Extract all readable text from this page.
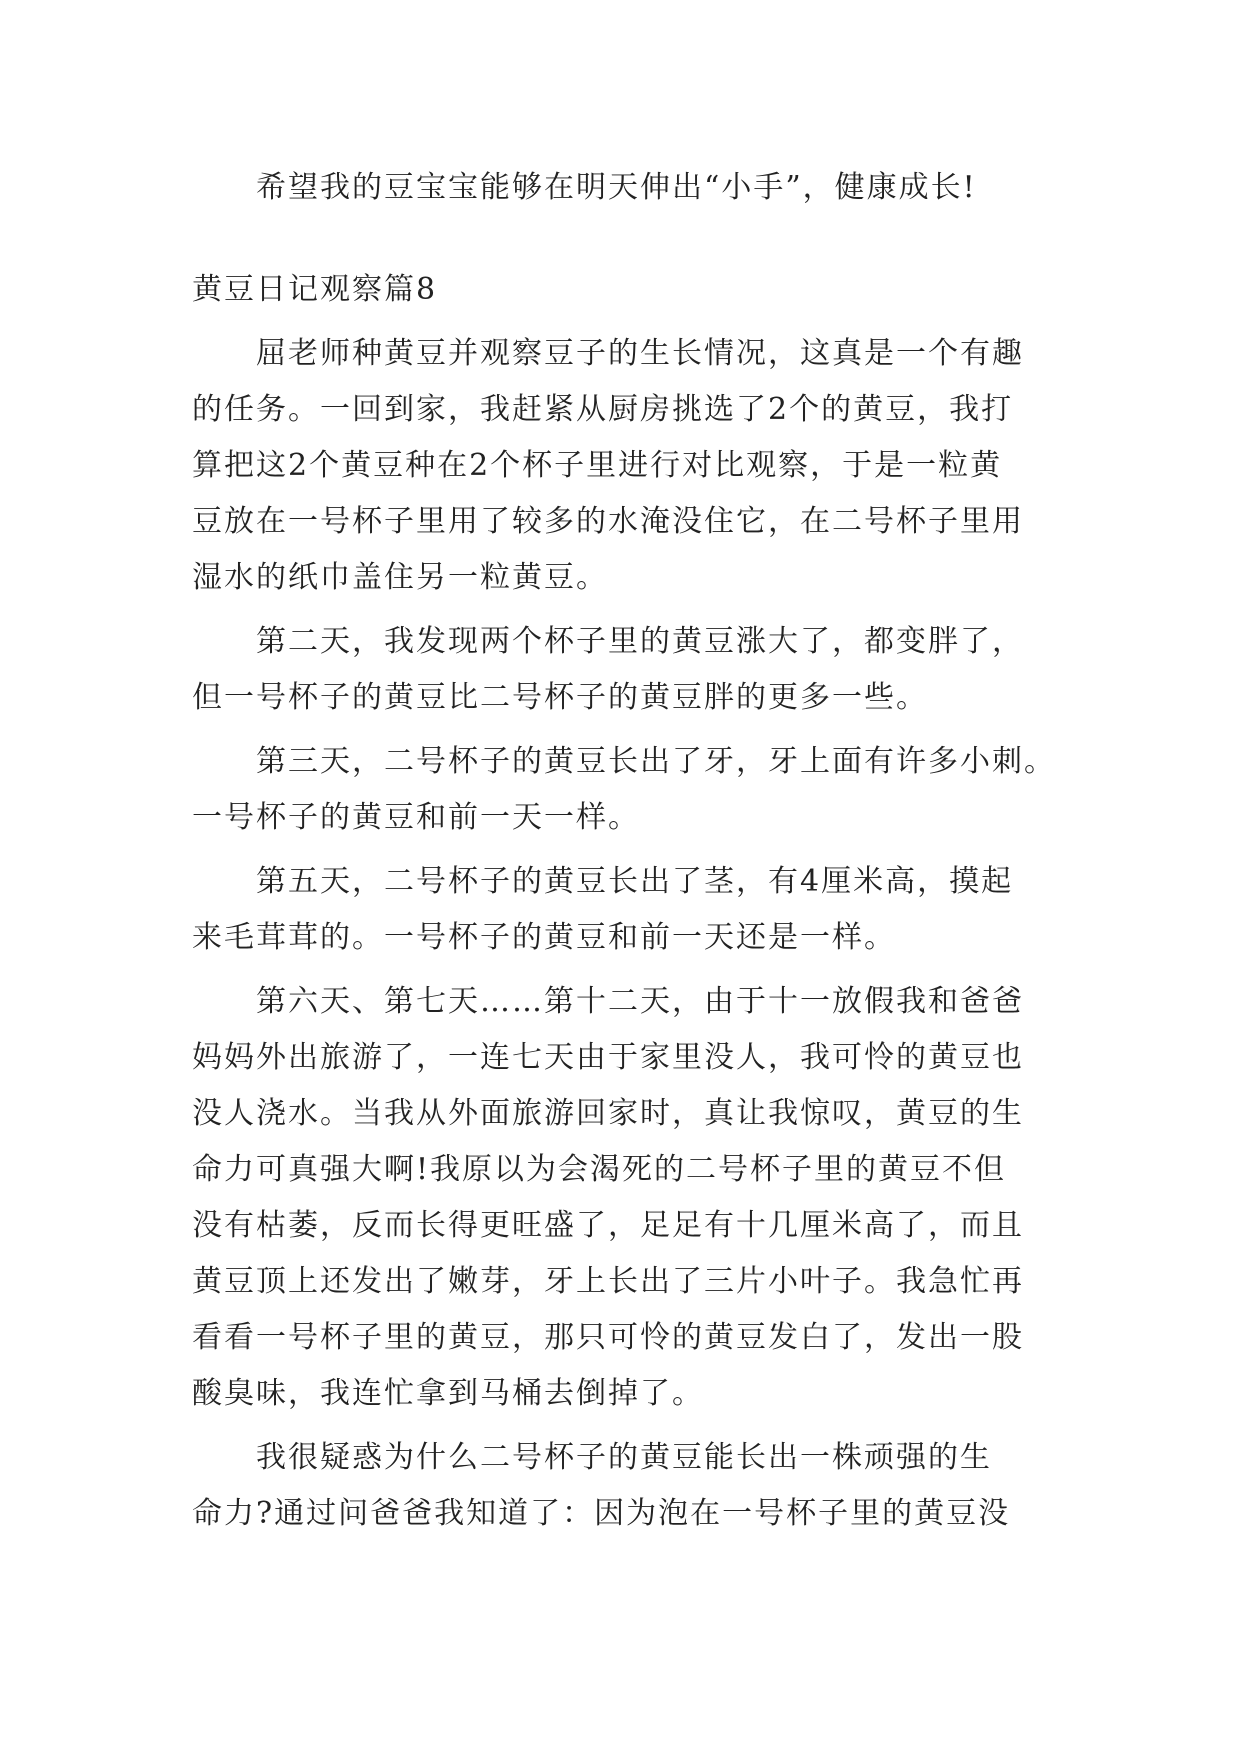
希望我的豆宝宝能够在明天伸出“小手”，健康成长!
黄豆日记观察篇8
屈老师种黄豆并观察豆子的生长情况，这真是一个有趣
的任务。一回到家，我赶紧从厨房挑选了2个的黄豆，我打
算把这2个黄豆种在2个杯子里进行对比观察，于是一粒黄
豆放在一号杯子里用了较多的水淹没住它，在二号杯子里用
湿水的纸巾盖住另一粒黄豆。
第二天，我发现两个杯子里的黄豆涨大了，都变胖了，
但一号杯子的黄豆比二号杯子的黄豆胖的更多一些。
第三天，二号杯子的黄豆长出了牙，牙上面有许多小刺。
一号杯子的黄豆和前一天一样。
第五天，二号杯子的黄豆长出了茎，有4厘米高，摸起
来毛茸茸的。一号杯子的黄豆和前一天还是一样。
第六天、第七天……第十二天，由于十一放假我和爸爸
妈妈外出旅游了，一连七天由于家里没人，我可怜的黄豆也
没人浇水。当我从外面旅游回家时，真让我惊叹，黄豆的生
命力可真强大啊!我原以为会渴死的二号杯子里的黄豆不但
没有枯萎，反而长得更旺盛了，足足有十几厘米高了，而且
黄豆顶上还发出了嫩芽，牙上长出了三片小叶子。我急忙再
看看一号杯子里的黄豆，那只可怜的黄豆发白了，发出一股
酸臭味，我连忙拿到马桶去倒掉了。
我很疑惑为什么二号杯子的黄豆能长出一株顽强的生
命力?通过问爸爸我知道了：因为泡在一号杯子里的黄豆没
